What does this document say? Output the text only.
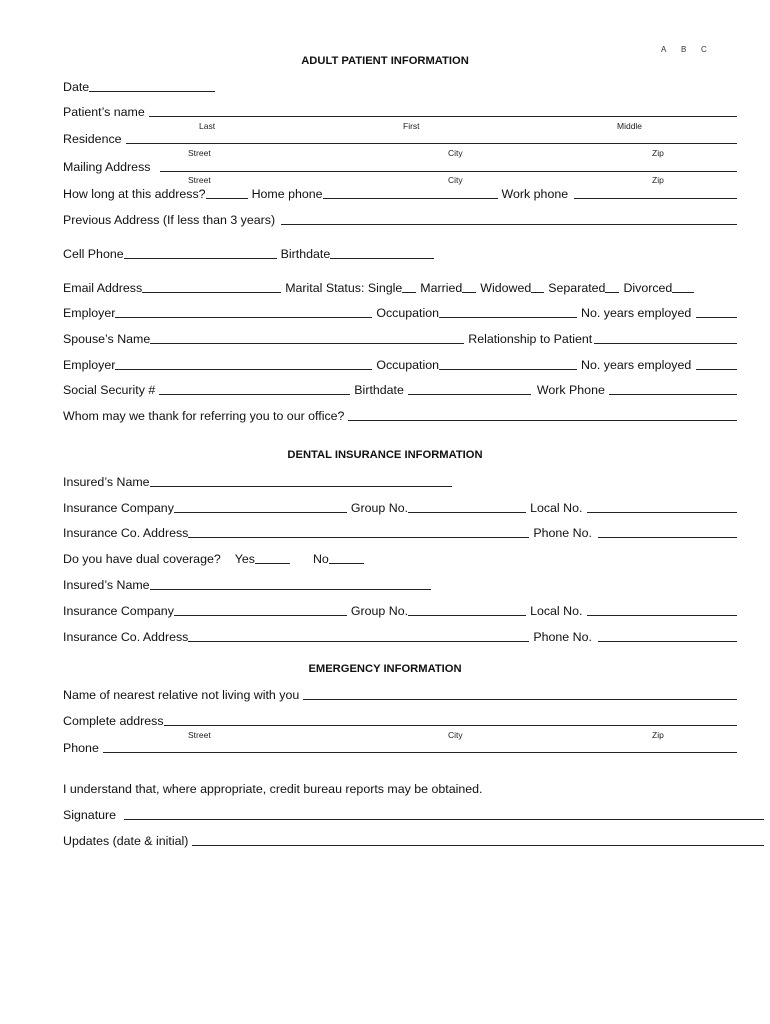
A B C
ADULT PATIENT INFORMATION
Date
Patient’s name
Last	First	Middle
Residence
Street	City	Zip
Mailing Address
Street	City	Zip
How long at this address?	Home phone	Work phone
Previous Address (If less than 3 years)
Cell Phone	Birthdate
Email Address	Marital Status: Single Married Widowed Separated Divorced
Employer	Occupation	No. years employed
Spouse’s Name	Relationship to Patient
Employer	Occupation	No. years employed
Social Security #	Birthdate	Work Phone
Whom may we thank for referring you to our office?
DENTAL INSURANCE INFORMATION
Insured’s Name
Insurance Company	Group No.	Local No.
Insurance Co. Address	Phone No.
Do you have dual coverage? Yes	No
Insured’s Name
Insurance Company	Group No.	Local No.
Insurance Co. Address	Phone No.
EMERGENCY INFORMATION
Name of nearest relative not living with you
Complete address
Street	City	Zip
Phone
I understand that, where appropriate, credit bureau reports may be obtained.
Signature
Updates (date & initial)
